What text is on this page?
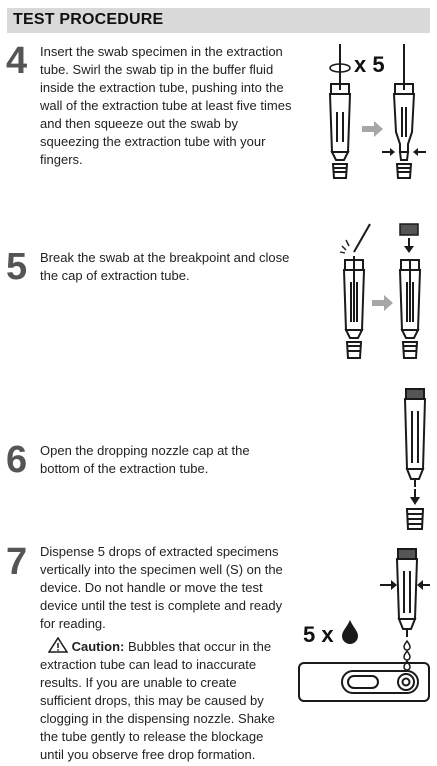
TEST PROCEDURE
4 Insert the swab specimen in the extraction tube. Swirl the swab tip in the buffer fluid inside the extraction tube, pushing into the wall of the extraction tube at least five times and then squeeze out the swab by squeezing the extraction tube with your fingers.
x 5
5 Break the swab at the breakpoint and close the cap of extraction tube.
6 Open the dropping nozzle cap at the bottom of the extraction tube.
7 Dispense 5 drops of extracted specimens vertically into the specimen well (S) on the device. Do not handle or move the test device until the test is complete and ready for reading.
Caution: Bubbles that occur in the extraction tube can lead to inaccurate results. If you are unable to create sufficient drops, this may be caused by clogging in the dispensing nozzle. Shake the tube gently to release the blockage until you observe free drop formation.
5 x
